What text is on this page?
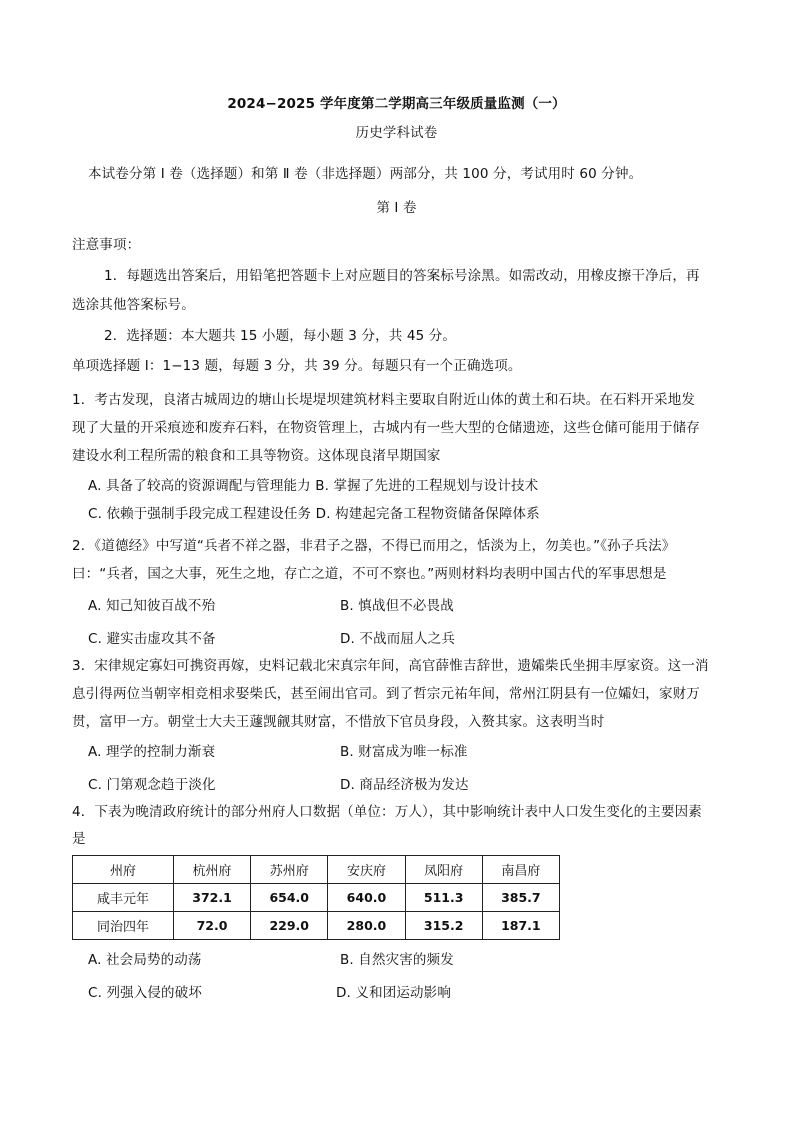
2024−2025 学年度第二学期高三年级质量监测（一）
历史学科试卷
本试卷分第 Ⅰ 卷（选择题）和第 Ⅱ 卷（非选择题）两部分，共 100 分，考试用时 60 分钟。
第 Ⅰ 卷
注意事项：
1．每题选出答案后，用铅笔把答题卡上对应题目的答案标号涂黑。如需改动，用橡皮擦干净后，再
选涂其他答案标号。
2．选择题：本大题共 15 小题，每小题 3 分，共 45 分。
单项选择题 Ⅰ：1−13 题，每题 3 分，共 39 分。每题只有一个正确选项。
1．考古发现，良渚古城周边的塘山长堤堤坝建筑材料主要取自附近山体的黄土和石块。在石料开采地发
现了大量的开采痕迹和废弃石料，在物资管理上，古城内有一些大型的仓储遗迹，这些仓储可能用于储存
建设水利工程所需的粮食和工具等物资。这体现良渚早期国家
A. 具备了较高的资源调配与管理能力 B. 掌握了先进的工程规划与设计技术
C. 依赖于强制手段完成工程建设任务 D. 构建起完备工程物资储备保障体系
2．《道德经》中写道“兵者不祥之器，非君子之器，不得已而用之，恬淡为上，勿美也。”《孙子兵法》
曰：“兵者，国之大事，死生之地，存亡之道，不可不察也。”两则材料均表明中国古代的军事思想是
A. 知己知彼百战不殆	B. 慎战但不必畏战
C. 避实击虚攻其不备	D. 不战而屈人之兵
3．宋律规定寡妇可携资再嫁，史料记载北宋真宗年间，高官薛惟吉辞世，遗孀柴氏坐拥丰厚家资。这一消
息引得两位当朝宰相竞相求娶柴氏，甚至闹出官司。到了哲宗元祐年间，常州江阴县有一位孀妇，家财万
贯，富甲一方。朝堂士大夫王蘧觊觎其财富，不惜放下官员身段，入赘其家。这表明当时
A. 理学的控制力渐衰	B. 财富成为唯一标准
C. 门第观念趋于淡化	D. 商品经济极为发达
4．下表为晚清政府统计的部分州府人口数据（单位：万人），其中影响统计表中人口发生变化的主要因素
是
州府	杭州府	苏州府	安庆府	凤阳府	南昌府
咸丰元年	372.1	654.0	640.0	511.3	385.7
同治四年	72.0	229.0	280.0	315.2	187.1
A. 社会局势的动荡	B. 自然灾害的频发
C. 列强入侵的破坏	D. 义和团运动影响
